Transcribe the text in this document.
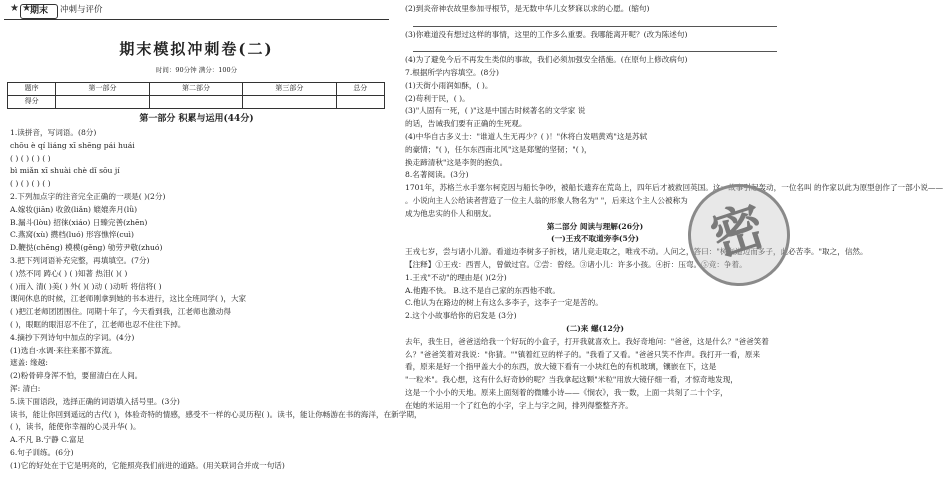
★ ★
期末	冲刺与评价
期末模拟冲刺卷(二)
时间：90分钟 满分：100分
题序	第一部分	第二部分	第三部分	总分
得分				
第一部分 积累与运用(44分)

1.读拼音，写词语。(8分)

chōu è qí liáng xī shēng pái huái

( ) ( ) ( ) ( )

bì miǎn xī shuài chè dǐ sōu jí

( ) ( ) ( ) ( )

2.下列加点字的注音完全正确的一项是( )(2分)

A.嫁妆(jiān) 收敛(liǎn) 媲媲奔月(lǜ)

B.漏斗(lòu) 招徕(xiáo) 日臻完善(zhēn)

C.燕窝(xù) 攒档(luó) 形容憔悴(cuì)

D.鞭挞(chēng) 模模(gěng) 劬劳尹敬(zhuó)

3.把下列词语补充完整，再填填空。(7分)

( )然不同 踌心( ) ( )知著 热泪( )( )

( )而入 清( )美( ) 外( )( )动 ( )动听 将信将( )

课间休息的时候，江老师刚拿到她的书本进行，这比全班同学( )，大家

( )把江老师团团围住。同期十年了，今天看到我，江老师也激动得

( )，眼眶的眼泪忍不住了，江老师也忍不住往下掉。

4.摘抄下列诗句中加点的字词。(4分)

(1)选自·水调·来往来都不算流。

遮盖: 缘越:

(2)粉骨碎身浑不怕，要留清白在人间。

浑: 清白:

5.读下面语段，选择正确的词语填入括号里。(3分)

读书，能让你回到遥远的古代( )，体验奇特的情感，感受不一样的心灵历程( )。读书，能让你畅游在书的海洋，在新学期，

( )，读书，能使你幸福的心灵升华( )。

A.不凡 B.宁静 C.富足

6.句子训练。(6分)

(1)它的好处在于它是明亮的，它能照亮我们前进的道路。(用关联词合并成一句话)

(2)到炎帝神农故里参加寻根节，是无数中华儿女梦寐以求的心愿。(缩句)

(3)你难道没有想过这样的事情，这里的工作多么重要。我哪能离开呢？(改为陈述句)

(4)为了避免今后不再发生类似的事故，我们必须加强安全措施。(在原句上修改病句)

7.根据所学内容填空。(8分)

(1)天街小雨润如酥，( )。

(2)苟利于民，( )。

(3)"人固有一死，( )"这是中国古时候著名的文学家 说

的话，告诫我们要有正确的生死观。

(4)中华自古多义士："谁道人生无再少？( )！"休将白发唱黄鸡"这是苏轼

的豪情；"( )，任尔东西南北风"这是郑燮的坚韧；"( )，

换走蹄清秋"这是李贺的抱负。

8.名著阅读。(3分)

1701年，苏格兰水手塞尔柯克因与船长争吵，被船长遗弃在荒岛上，四年后才被救回英国。这一故事引起轰动，一位名叫 的作家以此为原型创作了一部小说——

。小说向主人公给读者营造了一位主人翁的形象人物名为" "，后来这个主人公被称为

成为他忠实的仆人和朋友。

第二部分 阅读与理解(26分)

(一)王戎不取道旁李(5分)

王戎七岁，尝与诸小儿游。看道边李树多子折枝，诸儿竞走取之，唯戎不动。人问之，答曰："树在道边而多子，此必苦李。"取之，信然。

【注释】①王戎：西晋人，曾做过官。②尝：曾经。③诸小儿：许多小孩。④折：压弯。⑤竞：争着。

1.王戎"不动"的理由是( )(2分)

A.他跑不快。 B.这不是自己家的东西他不敢。

C.他认为在路边的树上有这么多李子，这李子一定是苦的。

2.这个小故事给你的启发是 (3分)

(二)来 螺(12分)

去年，我生日，爸爸送给我一个好玩的小盒子，打开我就喜欢上。我好奇地问："爸爸，这是什么？"爸爸笑着

么？"爸爸笑着对我说："你猜。""镇着红豆的样子的。"我看了又看。"爸爸只笑不作声。我打开一看，原来

看，原来是好一个指甲盖大小的东西，放大镜下看有一小块红色的有机玻璃，镶嵌在下，这是

"一粒米"。我心想，这有什么好奇妙的呢？当我拿起这颗"米粒"用放大镜仔细一看，才惊奇地发现，

这是一个小小的天地。原来上面刻着的微雕小诗——《悯农》，我一数，上面一共刻了二十个字，

在她的米运用一个了红色的小字，字上与字之间，排列得整整齐齐。

密
